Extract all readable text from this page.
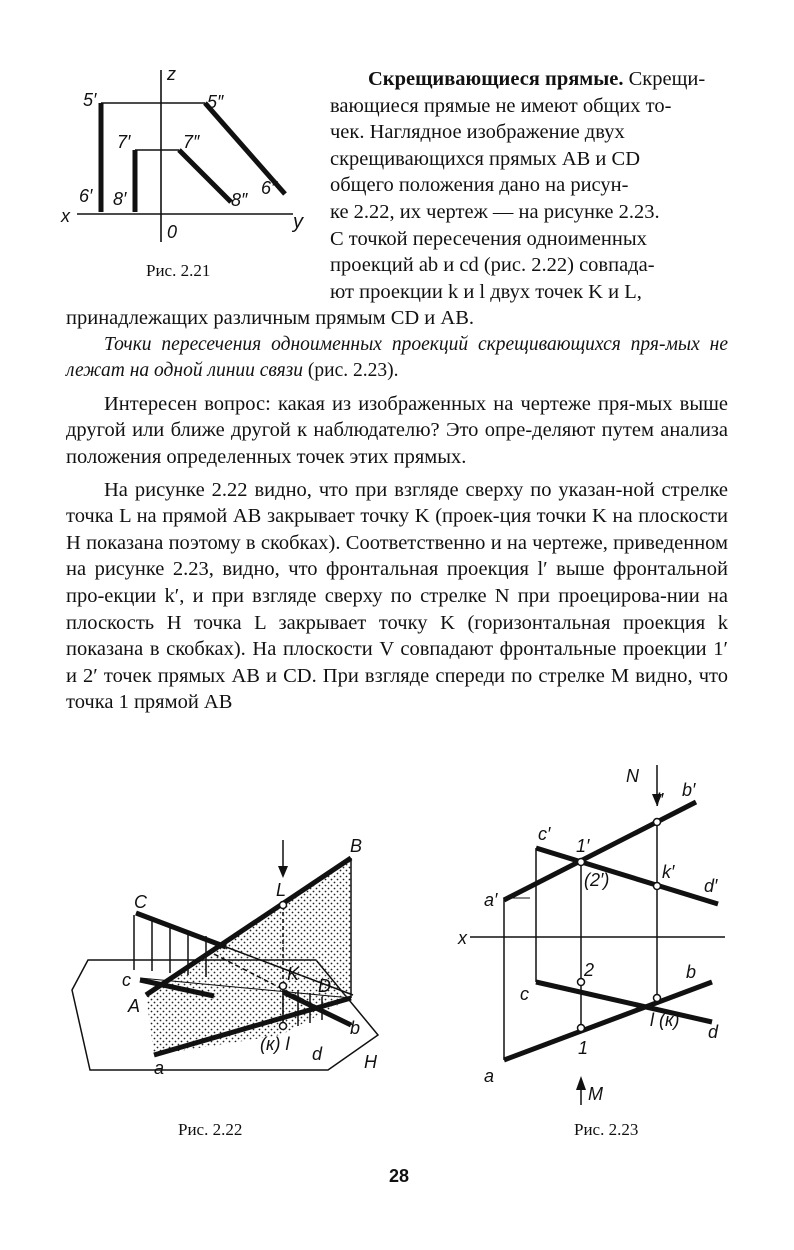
z
5′	5″
7′	7″
6′ 8′	8″
6″
x	y
0
Рис. 2.21
Скрещивающиеся прямые. Скрещи-
вающиеся прямые не имеют общих то-
чек. Наглядное изображение двух
скрещивающихся прямых AB и CD
общего положения дано на рисун-
ке 2.22, их чертеж — на рисунке 2.23.
С точкой пересечения одноименных
проекций ab и cd (рис. 2.22) совпада-
ют проекции k и l двух точек K и L,
принадлежащих различным прямым CD и AB.
Точки пересечения одноименных проекций скрещивающихся пря-мых не лежат на одной линии связи (рис. 2.23).
Интересен вопрос: какая из изображенных на чертеже пря-мых выше другой или ближе другой к наблюдателю? Это опре-деляют путем анализа положения определенных точек этих прямых.
На рисунке 2.22 видно, что при взгляде сверху по указан-ной стрелке точка L на прямой AB закрывает точку K (проек-ция точки K на плоскости H показана поэтому в скобках). Соответственно и на чертеже, приведенном на рисунке 2.23, видно, что фронтальная проекция l′ выше фронтальной про-екции k′, и при взгляде сверху по стрелке N при проецирова-нии на плоскость H точка L закрывает точку K (горизонтальная проекция k показана в скобках). На плоскости V совпадают фронтальные проекции 1′ и 2′ точек прямых AB и CD. При взгляде спереди по стрелке M видно, что точка 1 прямой AB
B
C
L
c
A
K
D
b
(к) l d
a	H
Рис. 2.22
N
l′ b′
c′
1′
k′
(2′)
a′
d′
x
2	b
c
l (к)
d
1
a
M
Рис. 2.23
28
